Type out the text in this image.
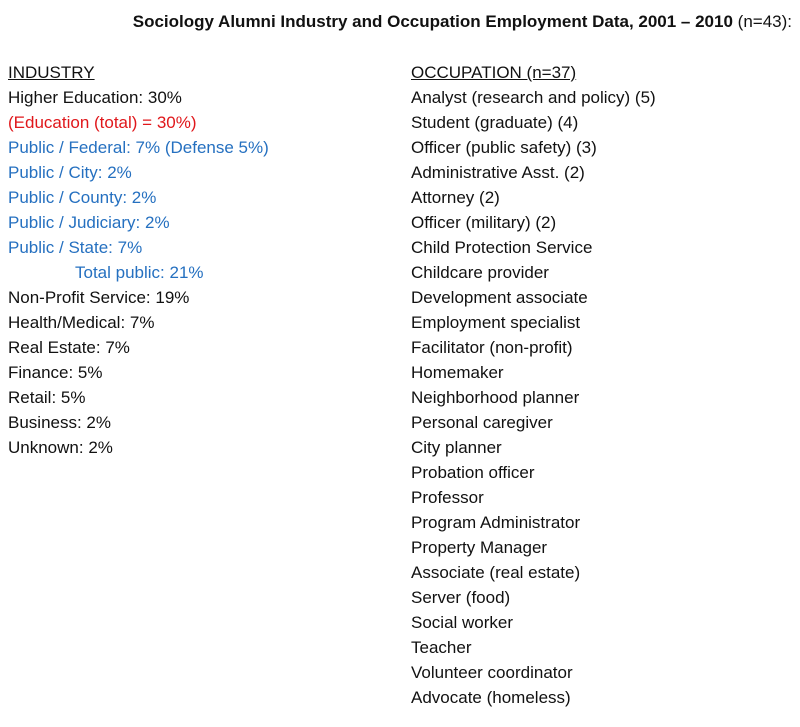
Sociology Alumni Industry and Occupation Employment Data, 2001 – 2010 (n=43):
INDUSTRY
Higher Education: 30%
(Education (total) = 30%)
Public / Federal: 7% (Defense 5%)
Public / City: 2%
Public / County: 2%
Public / Judiciary: 2%
Public / State: 7%
Total public: 21%
Non-Profit Service: 19%
Health/Medical: 7%
Real Estate: 7%
Finance: 5%
Retail: 5%
Business: 2%
Unknown: 2%
OCCUPATION (n=37)
Analyst (research and policy) (5)
Student (graduate) (4)
Officer (public safety) (3)
Administrative Asst. (2)
Attorney (2)
Officer (military) (2)
Child Protection Service
Childcare provider
Development associate
Employment specialist
Facilitator (non-profit)
Homemaker
Neighborhood planner
Personal caregiver
City planner
Probation officer
Professor
Program Administrator
Property Manager
Associate (real estate)
Server (food)
Social worker
Teacher
Volunteer coordinator
Advocate (homeless)
